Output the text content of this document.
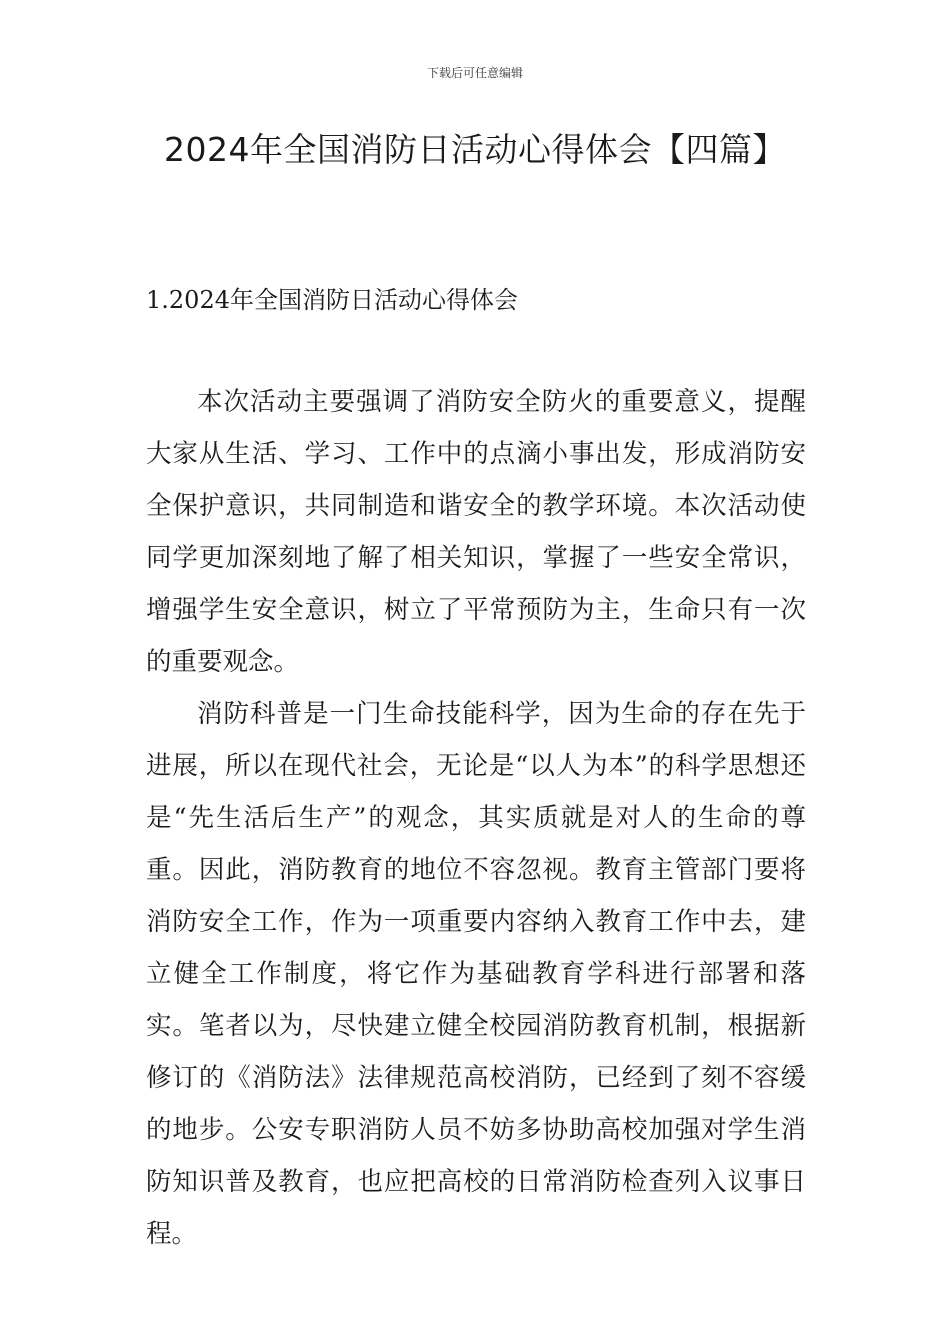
下载后可任意编辑
2024年全国消防日活动心得体会【四篇】
1.2024年全国消防日活动心得体会

本次活动主要强调了消防安全防火的重要意义，提醒大家从生活、学习、工作中的点滴小事出发，形成消防安全保护意识，共同制造和谐安全的教学环境。本次活动使同学更加深刻地了解了相关知识，掌握了一些安全常识，增强学生安全意识，树立了平常预防为主，生命只有一次的重要观念。

消防科普是一门生命技能科学，因为生命的存在先于进展，所以在现代社会，无论是“以人为本”的科学思想还是“先生活后生产”的观念，其实质就是对人的生命的尊重。因此，消防教育的地位不容忽视。教育主管部门要将消防安全工作，作为一项重要内容纳入教育工作中去，建立健全工作制度，将它作为基础教育学科进行部署和落实。笔者以为，尽快建立健全校园消防教育机制，根据新修订的《消防法》法律规范高校消防，已经到了刻不容缓的地步。公安专职消防人员不妨多协助高校加强对学生消防知识普及教育，也应把高校的日常消防检查列入议事日程。
